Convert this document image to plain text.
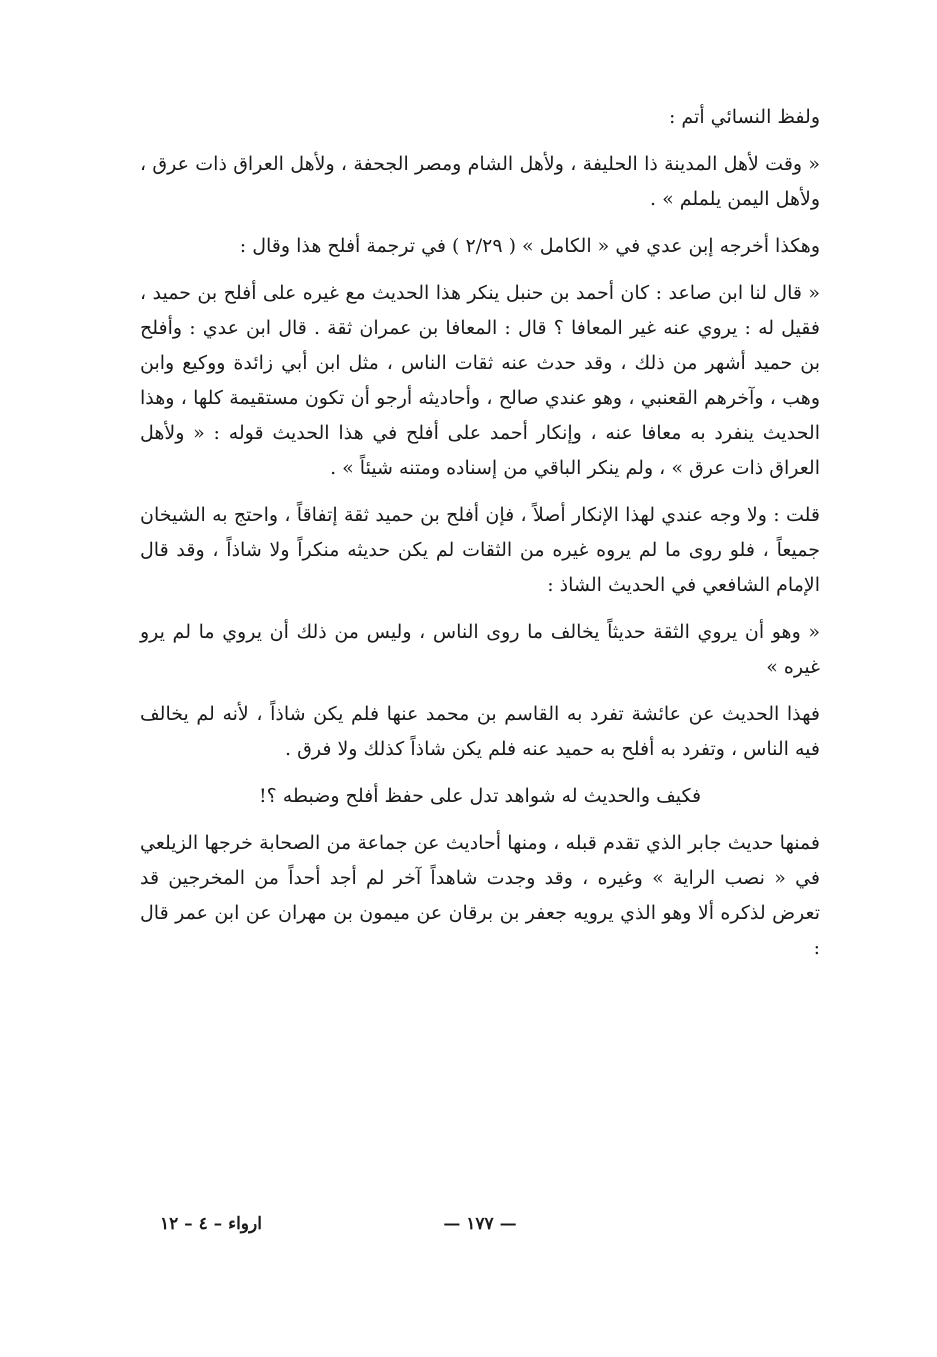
ولفظ النسائي أتم :

« وقت لأهل المدينة ذا الحليفة ، ولأهل الشام ومصر الجحفة ، ولأهل العراق ذات عرق ، ولأهل اليمن يلملم » .

وهكذا أخرجه إبن عدي في « الكامل » ( ٢/٢٩ ) في ترجمة أفلح هذا وقال :

« قال لنا ابن صاعد : كان أحمد بن حنبل ينكر هذا الحديث مع غيره على أفلح بن حميد ، فقيل له : يروي عنه غير المعافا ؟ قال : المعافا بن عمران ثقة . قال ابن عدي : وأفلح بن حميد أشهر من ذلك ، وقد حدث عنه ثقات الناس ، مثل ابن أبي زائدة ووكيع وابن وهب ، وآخرهم القعنبي ، وهو عندي صالح ، وأحاديثه أرجو أن تكون مستقيمة كلها ، وهذا الحديث ينفرد به معافا عنه ، وإنكار أحمد على أفلح في هذا الحديث قوله : « ولأهل العراق ذات عرق » ، ولم ينكر الباقي من إسناده ومتنه شيئاً » .

قلت : ولا وجه عندي لهذا الإنكار أصلاً ، فإن أفلح بن حميد ثقة إتفاقاً ، واحتج به الشيخان جميعاً ، فلو روى ما لم يروه غيره من الثقات لم يكن حديثه منكراً ولا شاذاً ، وقد قال الإمام الشافعي في الحديث الشاذ :

« وهو أن يروي الثقة حديثاً يخالف ما روى الناس ، وليس من ذلك أن يروي ما لم يرو غيره »

فهذا الحديث عن عائشة تفرد به القاسم بن محمد عنها فلم يكن شاذاً ، لأنه لم يخالف فيه الناس ، وتفرد به أفلح به حميد عنه فلم يكن شاذاً كذلك ولا فرق .

فكيف والحديث له شواهد تدل على حفظ أفلح وضبطه ؟!

فمنها حديث جابر الذي تقدم قبله ، ومنها أحاديث عن جماعة من الصحابة خرجها الزيلعي في « نصب الراية » وغيره ، وقد وجدت شاهداً آخر لم أجد أحداً من المخرجين قد تعرض لذكره ألا وهو الذي يرويه جعفر بن برقان عن ميمون بن مهران عن ابن عمر قال :

— ١٧٧ —
ارواء – ٤ – ١٢
